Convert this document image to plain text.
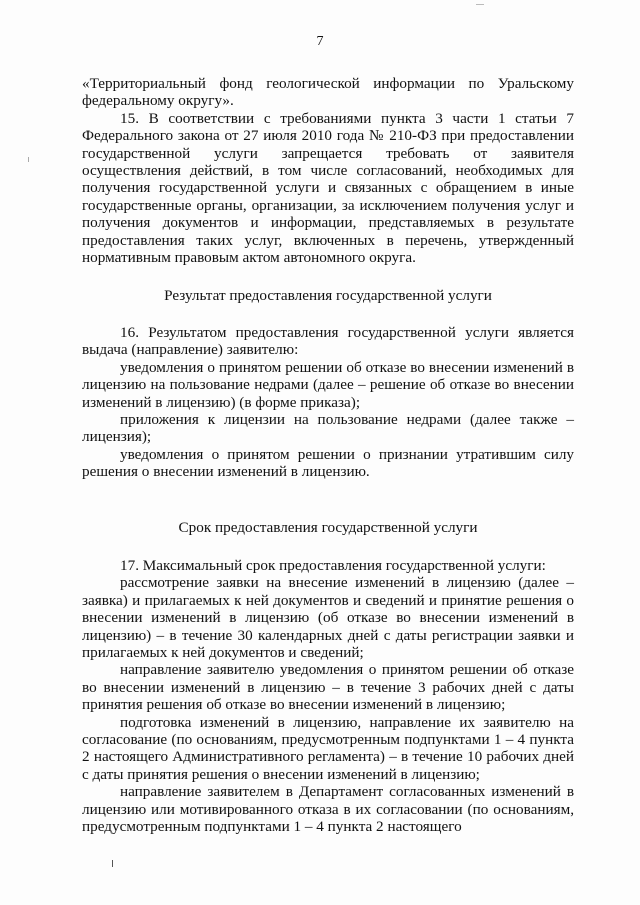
7

«Территориальный фонд геологической информации по Уральскому федеральному округу».

15. В соответствии с требованиями пункта 3 части 1 статьи 7 Федерального закона от 27 июля 2010 года № 210-ФЗ при предоставлении государственной услуги запрещается требовать от заявителя осуществления действий, в том числе согласований, необходимых для получения государственной услуги и связанных с обращением в иные государственные органы, организации, за исключением получения услуг и получения документов и информации, представляемых в результате предоставления таких услуг, включенных в перечень, утвержденный нормативным правовым актом автономного округа.

Результат предоставления государственной услуги

16. Результатом предоставления государственной услуги является выдача (направление) заявителю:

уведомления о принятом решении об отказе во внесении изменений в лицензию на пользование недрами (далее – решение об отказе во внесении изменений в лицензию) (в форме приказа);

приложения к лицензии на пользование недрами (далее также – лицензия);

уведомления о принятом решении о признании утратившим силу решения о внесении изменений в лицензию.

Срок предоставления государственной услуги

17. Максимальный срок предоставления государственной услуги:

рассмотрение заявки на внесение изменений в лицензию (далее – заявка) и прилагаемых к ней документов и сведений и принятие решения о внесении изменений в лицензию (об отказе во внесении изменений в лицензию) – в течение 30 календарных дней с даты регистрации заявки и прилагаемых к ней документов и сведений;

направление заявителю уведомления о принятом решении об отказе во внесении изменений в лицензию – в течение 3 рабочих дней с даты принятия решения об отказе во внесении изменений в лицензию;

подготовка изменений в лицензию, направление их заявителю на согласование (по основаниям, предусмотренным подпунктами 1 – 4 пункта 2 настоящего Административного регламента) – в течение 10 рабочих дней с даты принятия решения о внесении изменений в лицензию;

направление заявителем в Департамент согласованных изменений в лицензию или мотивированного отказа в их согласовании (по основаниям, предусмотренным подпунктами 1 – 4 пункта 2 настоящего
